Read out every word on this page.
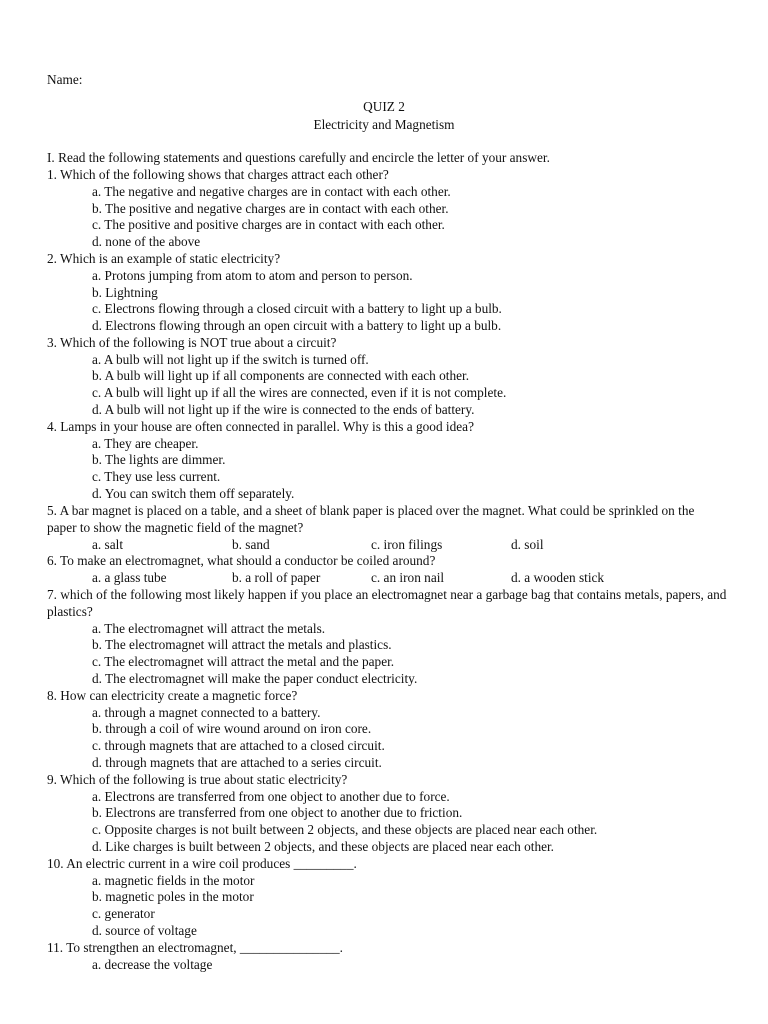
Name:
QUIZ 2
Electricity and Magnetism
I. Read the following statements and questions carefully and encircle the letter of your answer.
1. Which of the following shows that charges attract each other?
a. The negative and negative charges are in contact with each other.
b. The positive and negative charges are in contact with each other.
c. The positive and positive charges are in contact with each other.
d. none of the above
2. Which is an example of static electricity?
a. Protons jumping from atom to atom and person to person.
b. Lightning
c. Electrons flowing through a closed circuit with a battery to light up a bulb.
d. Electrons flowing through an open circuit with a battery to light up a bulb.
3. Which of the following is NOT true about a circuit?
a. A bulb will not light up if the switch is turned off.
b. A bulb will light up if all components are connected with each other.
c. A bulb will light up if all the wires are connected, even if it is not complete.
d. A bulb will not light up if the wire is connected to the ends of battery.
4. Lamps in your house are often connected in parallel. Why is this a good idea?
a. They are cheaper.
b. The lights are dimmer.
c. They use less current.
d. You can switch them off separately.
5. A bar magnet is placed on a table, and a sheet of blank paper is placed over the magnet. What could be sprinkled on the paper to show the magnetic field of the magnet?
a. salt	b. sand	c. iron filings	d. soil
6. To make an electromagnet, what should a conductor be coiled around?
a. a glass tube	b. a roll of paper	c. an iron nail	d. a wooden stick
7. which of the following most likely happen if you place an electromagnet near a garbage bag that contains metals, papers, and plastics?
a. The electromagnet will attract the metals.
b. The electromagnet will attract the metals and plastics.
c. The electromagnet will attract the metal and the paper.
d. The electromagnet will make the paper conduct electricity.
8. How can electricity create a magnetic force?
a. through a magnet connected to a battery.
b. through a coil of wire wound around on iron core.
c. through magnets that are attached to a closed circuit.
d. through magnets that are attached to a series circuit.
9. Which of the following is true about static electricity?
a. Electrons are transferred from one object to another due to force.
b. Electrons are transferred from one object to another due to friction.
c. Opposite charges is not built between 2 objects, and these objects are placed near each other.
d. Like charges is built between 2 objects, and these objects are placed near each other.
10. An electric current in a wire coil produces _________.
a. magnetic fields in the motor
b. magnetic poles in the motor
c. generator
d. source of voltage
11. To strengthen an electromagnet, _______________.
a. decrease the voltage
